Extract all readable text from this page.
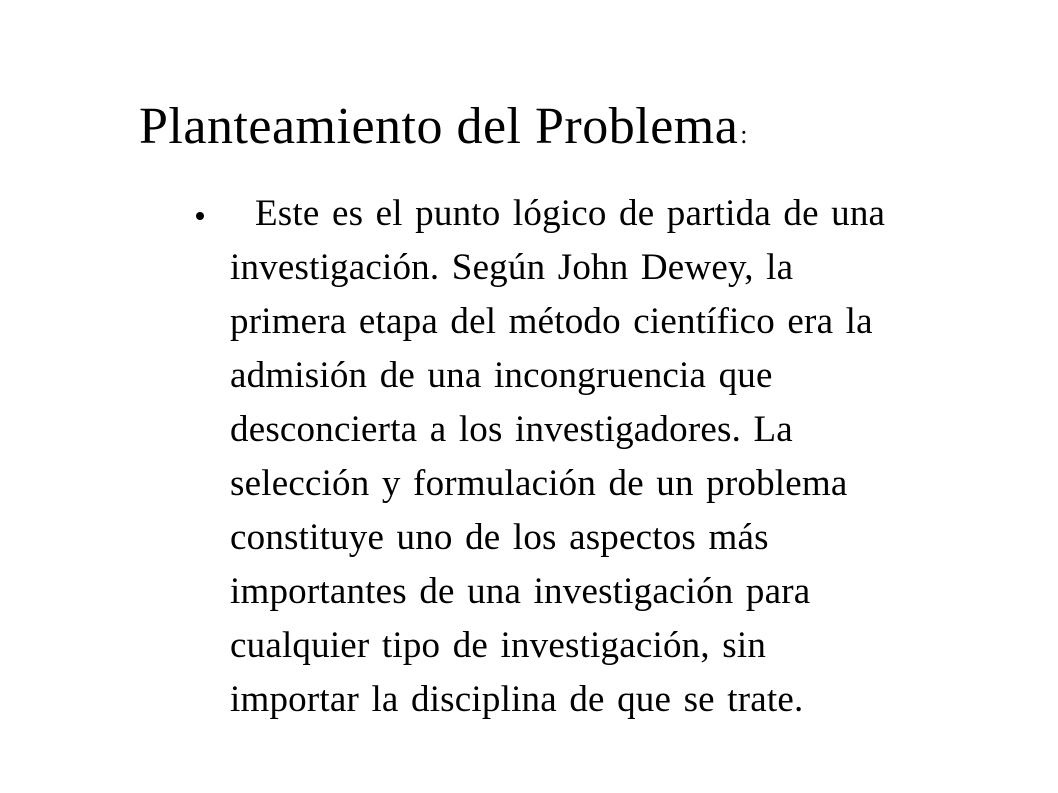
Planteamiento del Problema:
Este es el punto lógico de partida de una
investigación. Según John Dewey, la
primera etapa del método científico era la
admisión de una incongruencia que
desconcierta a los investigadores. La
selección y formulación de un problema
constituye uno de los aspectos más
importantes de una investigación para
cualquier tipo de investigación, sin
importar la disciplina de que se trate.
